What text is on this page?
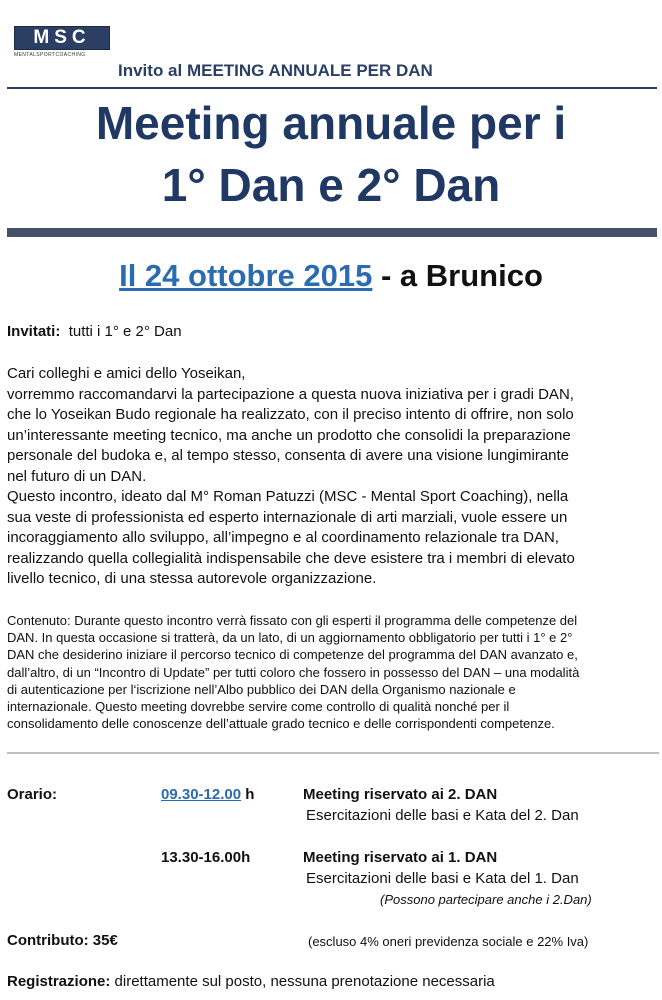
MSC
MENTALSPORTCOACHING
Invito al MEETING ANNUALE PER DAN
Meeting annuale per i
1° Dan e 2° Dan
Il 24 ottobre 2015 - a Brunico
Invitati: tutti i 1° e 2° Dan
Cari colleghi e amici dello Yoseikan,
vorremmo raccomandarvi la partecipazione a questa nuova iniziativa per i gradi DAN,
che lo Yoseikan Budo regionale ha realizzato, con il preciso intento di offrire, non solo
un’interessante meeting tecnico, ma anche un prodotto che consolidi la preparazione
personale del budoka e, al tempo stesso, consenta di avere una visione lungimirante
nel futuro di un DAN.
Questo incontro, ideato dal M° Roman Patuzzi (MSC - Mental Sport Coaching), nella
sua veste di professionista ed esperto internazionale di arti marziali, vuole essere un
incoraggiamento allo sviluppo, all’impegno e al coordinamento relazionale tra DAN,
realizzando quella collegialità indispensabile che deve esistere tra i membri di elevato
livello tecnico, di una stessa autorevole organizzazione.
Contenuto: Durante questo incontro verrà fissato con gli esperti il programma delle competenze del
DAN. In questa occasione si tratterà, da un lato, di un aggiornamento obbligatorio per tutti i 1° e 2°
DAN che desiderino iniziare il percorso tecnico di competenze del programma del DAN avanzato e,
dall’altro, di un “Incontro di Update” per tutti coloro che fossero in possesso del DAN – una modalità
di autenticazione per l‘iscrizione nell’Albo pubblico dei DAN della Organismo nazionale e
internazionale. Questo meeting dovrebbe servire come controllo di qualità nonché per il
consolidamento delle conoscenze dell’attuale grado tecnico e delle corrispondenti competenze.
Orario:	09.30-12.00 h	Meeting riservato ai 2. DAN
Esercitazioni delle basi e Kata del 2. Dan
13.30-16.00h	Meeting riservato ai 1. DAN
Esercitazioni delle basi e Kata del 1. Dan
(Possono partecipare anche i 2.Dan)
Contributo: 35€	(escluso 4% oneri previdenza sociale e 22% Iva)
Registrazione: direttamente sul posto, nessuna prenotazione necessaria
